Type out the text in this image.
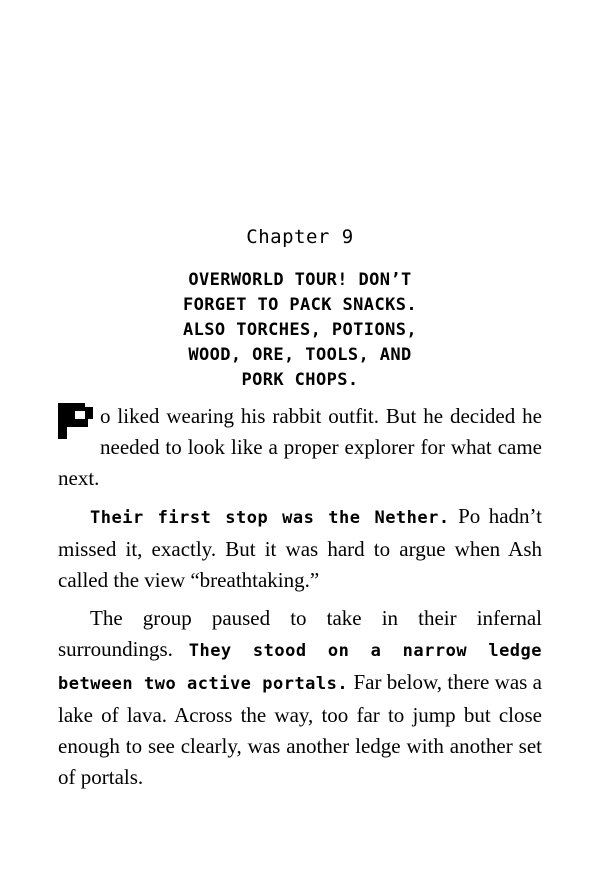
Chapter 9
OVERWORLD TOUR! DON’T
FORGET TO PACK SNACKS.
ALSO TORCHES, POTIONS,
WOOD, ORE, TOOLS, AND
PORK CHOPS.

o liked wearing his rabbit outfit. But he decided he needed to look like a proper explorer for what came next.

Their first stop was the Nether. Po hadn’t missed it, exactly. But it was hard to argue when Ash called the view “breathtaking.”

The group paused to take in their infernal surroundings. They stood on a narrow ledge between two active portals. Far below, there was a lake of lava. Across the way, too far to jump but close enough to see clearly, was another ledge with another set of portals.
